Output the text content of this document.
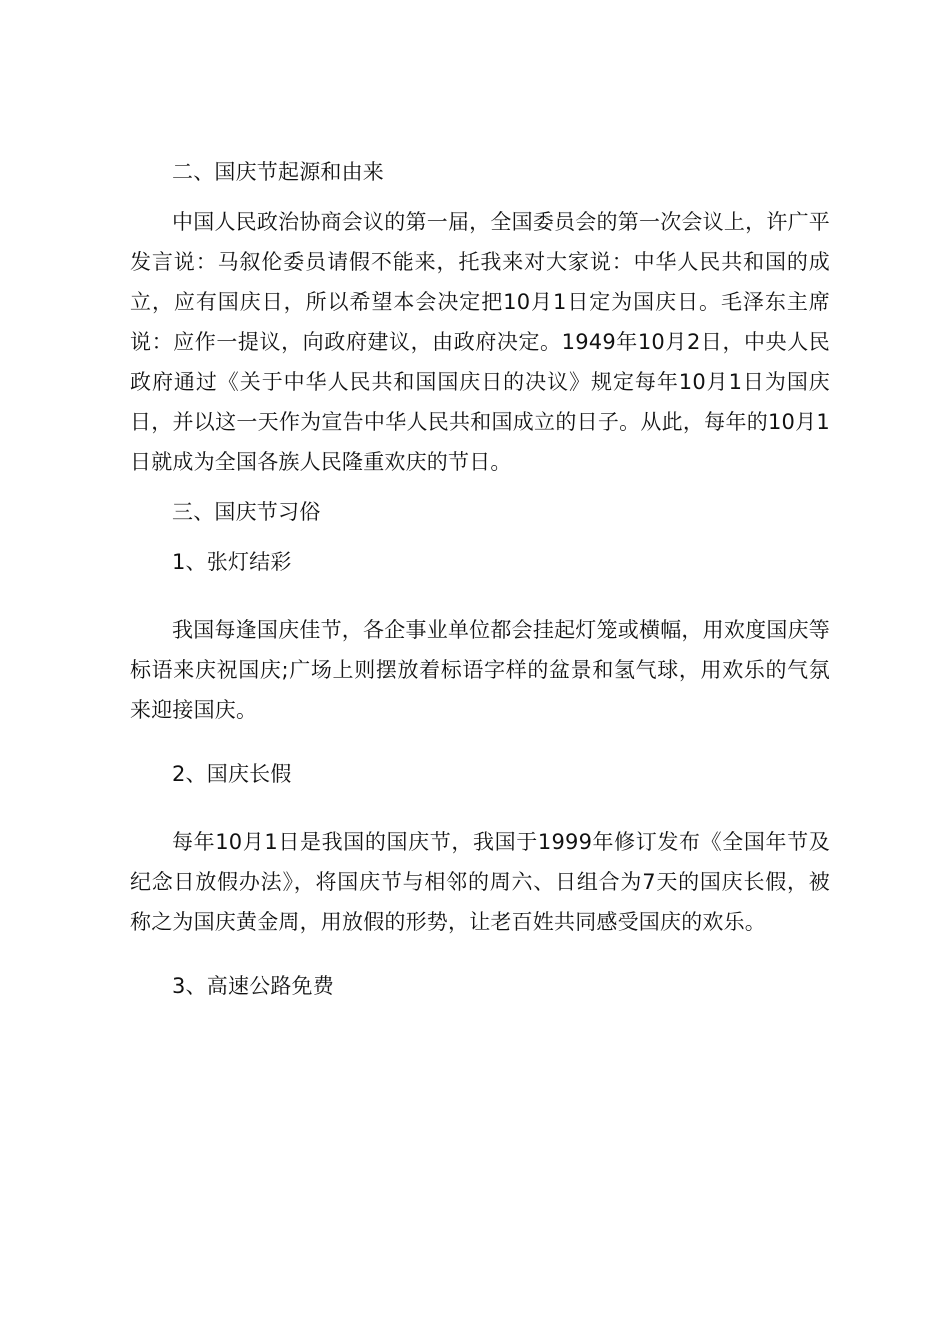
二、国庆节起源和由来

中国人民政治协商会议的第一届，全国委员会的第一次会议上，许广平发言说：马叙伦委员请假不能来，托我来对大家说：中华人民共和国的成立，应有国庆日，所以希望本会决定把10月1日定为国庆日。毛泽东主席说：应作一提议，向政府建议，由政府决定。1949年10月2日，中央人民政府通过《关于中华人民共和国国庆日的决议》规定每年10月1日为国庆日，并以这一天作为宣告中华人民共和国成立的日子。从此，每年的10月1日就成为全国各族人民隆重欢庆的节日。

三、国庆节习俗

1、张灯结彩

我国每逢国庆佳节，各企事业单位都会挂起灯笼或横幅，用欢度国庆等标语来庆祝国庆;广场上则摆放着标语字样的盆景和氢气球，用欢乐的气氛来迎接国庆。

2、国庆长假

每年10月1日是我国的国庆节，我国于1999年修订发布《全国年节及纪念日放假办法》，将国庆节与相邻的周六、日组合为7天的国庆长假，被称之为国庆黄金周，用放假的形势，让老百姓共同感受国庆的欢乐。

3、高速公路免费
